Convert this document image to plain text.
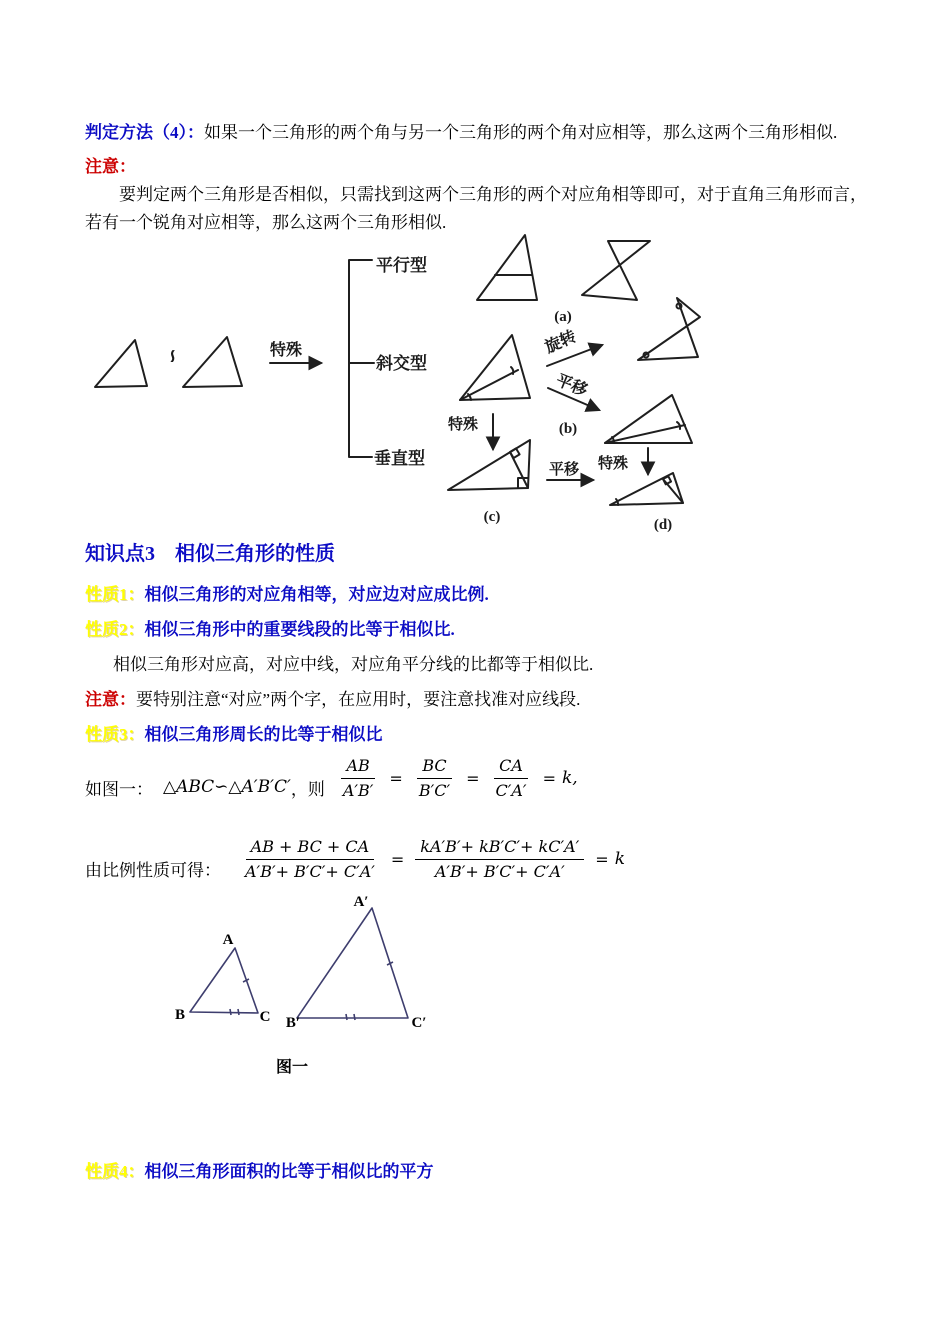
判定方法（4）：如果一个三角形的两个角与另一个三角形的两个角对应相等，那么这两个三角形相似.
注意：
要判定两个三角形是否相似，只需找到这两个三角形的两个对应角相等即可，对于直角三角形而言，
若有一个锐角对应相等，那么这两个三角形相似.
∽	特殊
平行型
斜交型
垂直型
(a)
旋转
平移
特殊	(b)
(c)
平移 特殊
(d)
知识点3　相似三角形的性质
性质1：相似三角形的对应角相等，对应边对应成比例.
性质2：相似三角形中的重要线段的比等于相似比.
相似三角形对应高，对应中线，对应角平分线的比都等于相似比.
注意：要特别注意“对应”两个字，在应用时，要注意找准对应线段.
性质3：相似三角形周长的比等于相似比
如图一： △ABC∽△A′B′C′ ，则 $\frac{AB}{A'B'} = \frac{BC}{B'C'} = \frac{CA}{C'A'} = k$ ,
由比例性质可得： $\frac{AB + BC + CA}{A'B'+ B'C'+ C'A'} = \frac{kA'B'+ kB'C'+ kC'A'}{A'B'+ B'C'+ C'A'} = k$
A
B	C
A′
B′	C′
图一
性质4：相似三角形面积的比等于相似比的平方
